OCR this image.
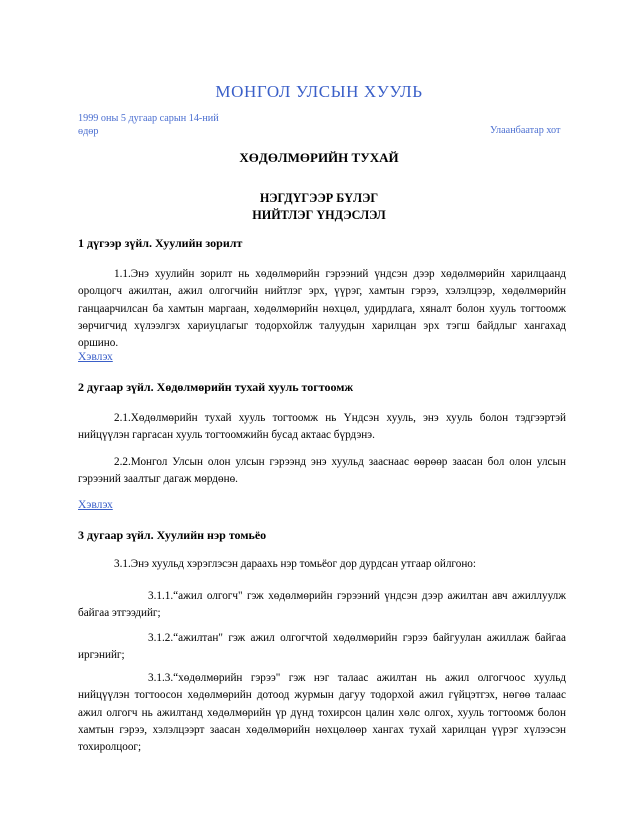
МОНГОЛ УЛСЫН ХУУЛЬ
1999 оны 5 дугаар сарын 14-ний өдөр	Улаанбаатар хот
ХӨДӨЛМӨРИЙН ТУХАЙ
НЭГДҮГЭЭР БҮЛЭГ
НИЙТЛЭГ ҮНДЭСЛЭЛ
1 дүгээр зүйл. Хуулийн зорилт

1.1.Энэ хуулийн зорилт нь хөдөлмөрийн гэрээний үндсэн дээр хөдөлмөрийн харилцаанд оролцогч ажилтан, ажил олгогчийн нийтлэг эрх, үүрэг, хамтын гэрээ, хэлэлцээр, хөдөлмөрийн ганцаарчилсан ба хамтын маргаан, хөдөлмөрийн нөхцөл, удирдлага, хяналт болон хууль тогтоомж зөрчигчид хүлээлгэх хариуцлагыг тодорхойлж талуудын харилцан эрх тэгш байдлыг хангахад оршино.

Хэвлэх
2 дугаар зүйл. Хөдөлмөрийн тухай хууль тогтоомж

2.1.Хөдөлмөрийн тухай хууль тогтоомж нь Үндсэн хууль, энэ хууль болон тэдгээртэй нийцүүлэн гаргасан хууль тогтоомжийн бусад актаас бүрдэнэ.

2.2.Монгол Улсын олон улсын гэрээнд энэ хуульд зааснаас өөрөөр заасан бол олон улсын гэрээний заалтыг дагаж мөрдөнө.

Хэвлэх
3 дугаар зүйл. Хуулийн нэр томьёо

3.1.Энэ хуульд хэрэглэсэн дараахь нэр томьёог дор дурдсан утгаар ойлгоно:

3.1.1.“ажил олгогч" гэж хөдөлмөрийн гэрээний үндсэн дээр ажилтан авч ажиллуулж байгаа этгээдийг;

3.1.2.“ажилтан" гэж ажил олгогчтой хөдөлмөрийн гэрээ байгуулан ажиллаж байгаа иргэнийг;

3.1.3.“хөдөлмөрийн гэрээ" гэж нэг талаас ажилтан нь ажил олгогчоос хуульд нийцүүлэн тогтоосон хөдөлмөрийн дотоод журмын дагуу тодорхой ажил гүйцэтгэх, нөгөө талаас ажил олгогч нь ажилтанд хөдөлмөрийн үр дүнд тохирсон цалин хөлс олгох, хууль тогтоомж болон хамтын гэрээ, хэлэлцээрт заасан хөдөлмөрийн нөхцөлөөр хангах тухай харилцан үүрэг хүлээсэн тохиролцоог;
